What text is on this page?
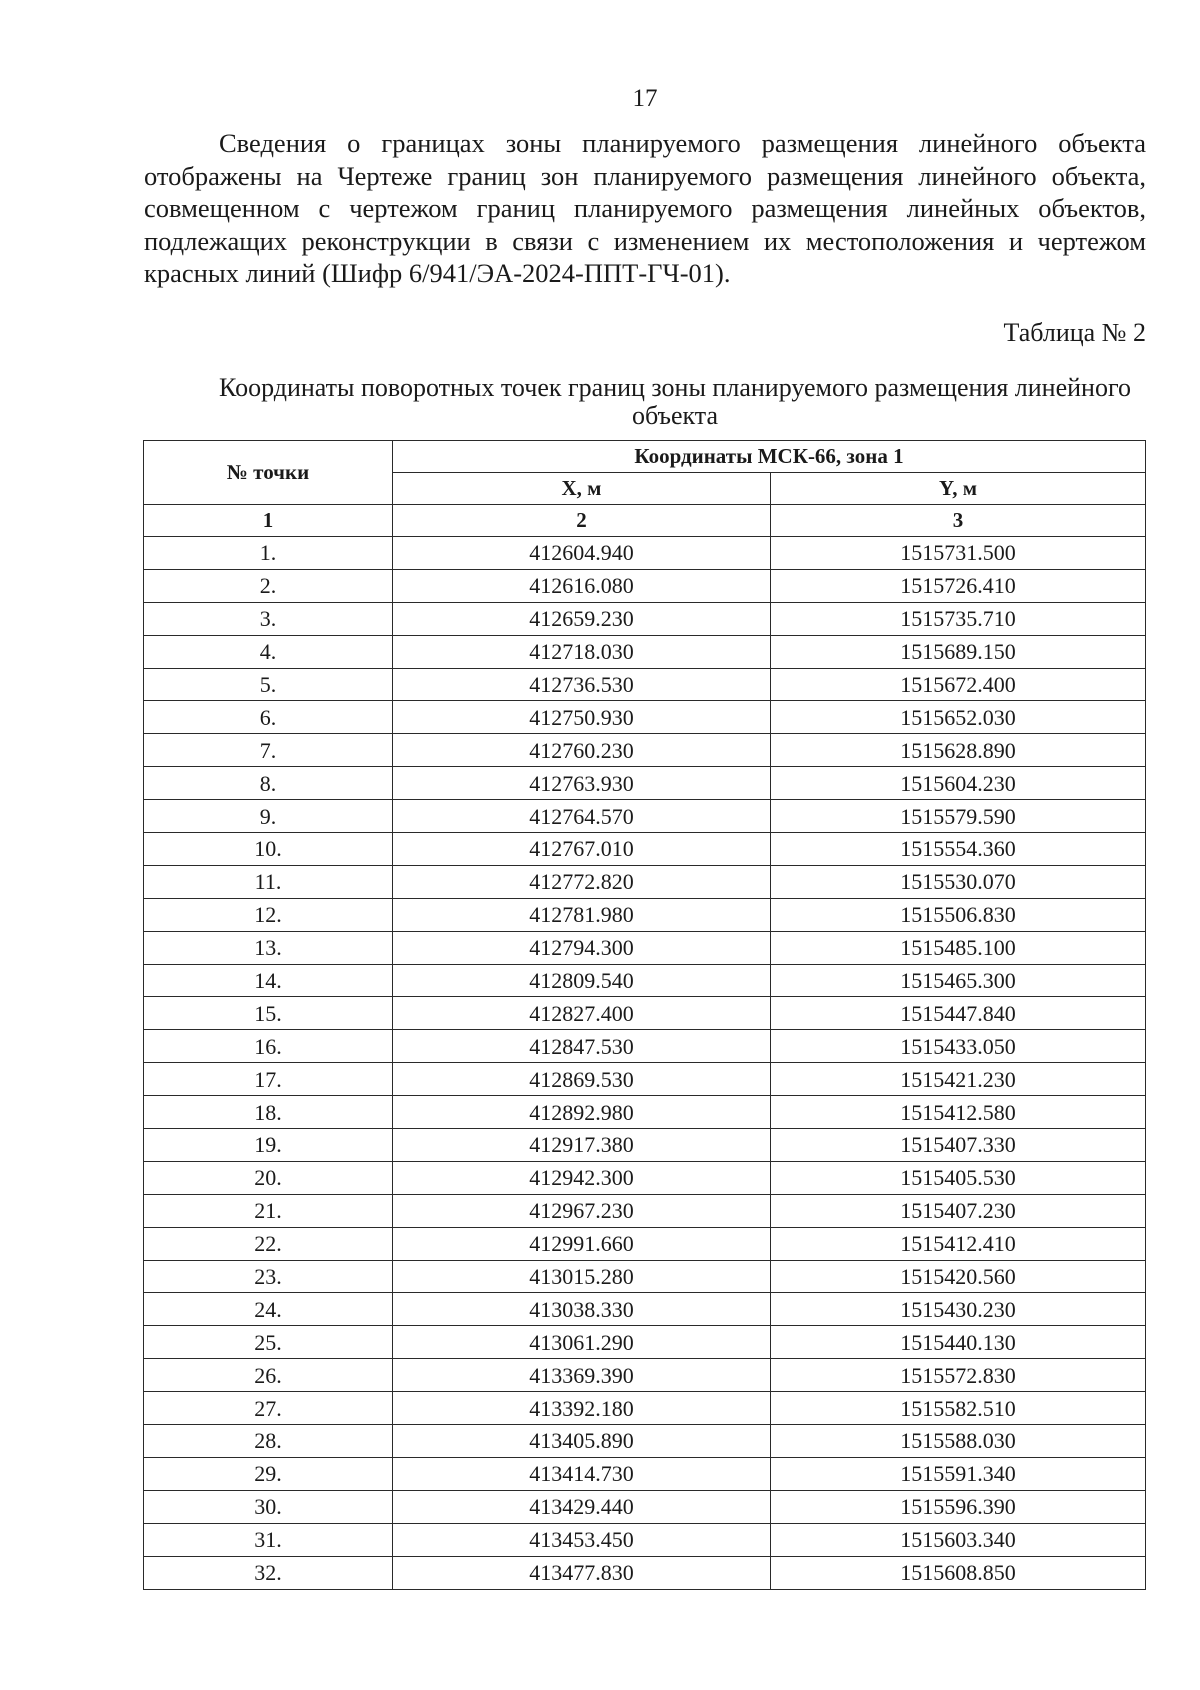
17

Сведения о границах зоны планируемого размещения линейного объекта отображены на Чертеже границ зон планируемого размещения линейного объекта, совмещенном с чертежом границ планируемого размещения линейных объектов, подлежащих реконструкции в связи с изменением их местоположения и чертежом красных линий (Шифр 6/941/ЭА-2024-ППТ-ГЧ-01).

Таблица № 2

Координаты поворотных точек границ зоны планируемого размещения линейного объекта

№ точки	Координаты МСК-66, зона 1	
	X, м	Y, м
1	2	3
1.	412604.940	1515731.500
2.	412616.080	1515726.410
3.	412659.230	1515735.710
4.	412718.030	1515689.150
5.	412736.530	1515672.400
6.	412750.930	1515652.030
7.	412760.230	1515628.890
8.	412763.930	1515604.230
9.	412764.570	1515579.590
10.	412767.010	1515554.360
11.	412772.820	1515530.070
12.	412781.980	1515506.830
13.	412794.300	1515485.100
14.	412809.540	1515465.300
15.	412827.400	1515447.840
16.	412847.530	1515433.050
17.	412869.530	1515421.230
18.	412892.980	1515412.580
19.	412917.380	1515407.330
20.	412942.300	1515405.530
21.	412967.230	1515407.230
22.	412991.660	1515412.410
23.	413015.280	1515420.560
24.	413038.330	1515430.230
25.	413061.290	1515440.130
26.	413369.390	1515572.830
27.	413392.180	1515582.510
28.	413405.890	1515588.030
29.	413414.730	1515591.340
30.	413429.440	1515596.390
31.	413453.450	1515603.340
32.	413477.830	1515608.850
